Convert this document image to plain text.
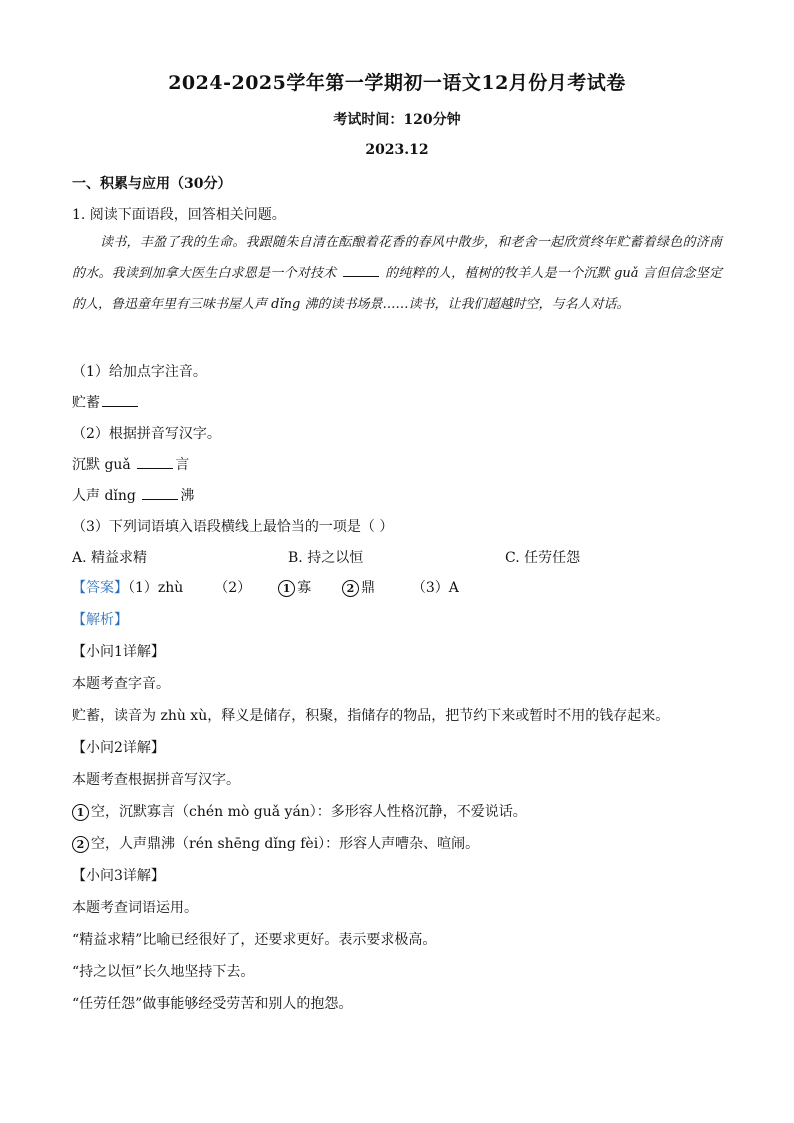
2024-2025学年第一学期初一语文12月份月考试卷
考试时间：120分钟
2023.12
一、积累与应用（30分）
1. 阅读下面语段，回答相关问题。
读书，丰盈了我的生命。我跟随朱自清在酝酿着花香的春风中散步，和老舍一起欣赏终年贮蓄着绿色的济南的水。我读到加拿大医生白求恩是一个对技术	的纯粹的人，植树的牧羊人是一个沉默 guǎ 言但信念坚定的人，鲁迅童年里有三味书屋人声 dǐng 沸的读书场景……读书，让我们超越时空，与名人对话。
（1）给加点字注音。
贮蓄
（2）根据拼音写汉字。
沉默 guǎ	言
人声 dǐng	沸
（3）下列词语填入语段横线上最恰当的一项是（ ）
A. 精益求精	B. 持之以恒	C. 任劳任怨
【答案】（1）zhù （2）	1 寡	2 鼎	（3）A
【解析】
【小问1详解】
本题考查字音。
贮蓄，读音为 zhù xù，释义是储存，积聚，指储存的物品，把节约下来或暂时不用的钱存起来。
【小问2详解】
本题考查根据拼音写汉字。
1 空，沉默寡言（chén mò guǎ yán）：多形容人性格沉静，不爱说话。
2 空，人声鼎沸（rén shēng dǐng fèi）：形容人声嘈杂、喧闹。
【小问3详解】
本题考查词语运用。
“精益求精”比喻已经很好了，还要求更好。表示要求极高。
“持之以恒”长久地坚持下去。
“任劳任怨”做事能够经受劳苦和别人的抱怨。
